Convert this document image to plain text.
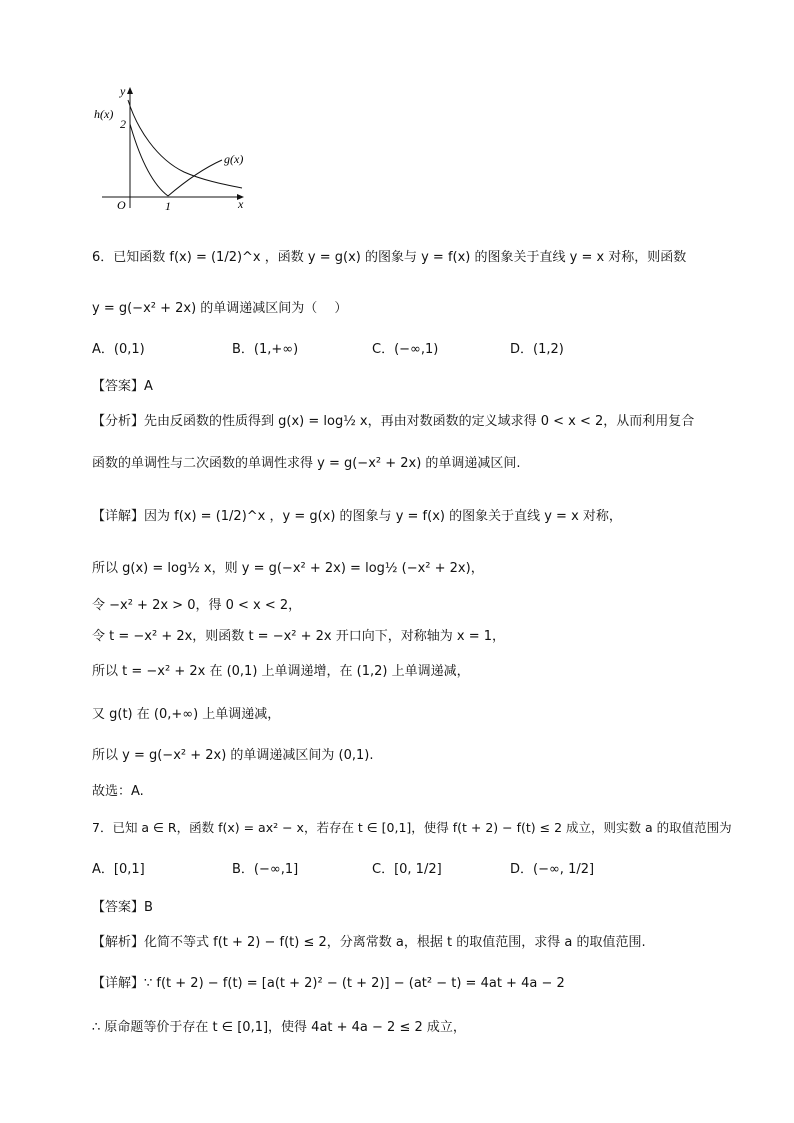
y
h(x)
2
g(x)
O	1	x
6．已知函数 f(x) = (1/2)^x ，函数 y = g(x) 的图象与 y = f(x) 的图象关于直线 y = x 对称，则函数
y = g(−x² + 2x) 的单调递减区间为（　 ）
A．(0,1)	B．(1,+∞)	C．(−∞,1)	D．(1,2)
【答案】A
【分析】先由反函数的性质得到 g(x) = log½ x，再由对数函数的定义域求得 0 < x < 2，从而利用复合
函数的单调性与二次函数的单调性求得 y = g(−x² + 2x) 的单调递减区间.
【详解】因为 f(x) = (1/2)^x ，y = g(x) 的图象与 y = f(x) 的图象关于直线 y = x 对称，
所以 g(x) = log½ x，则 y = g(−x² + 2x) = log½ (−x² + 2x)，
令 −x² + 2x > 0，得 0 < x < 2，
令 t = −x² + 2x，则函数 t = −x² + 2x 开口向下，对称轴为 x = 1，
所以 t = −x² + 2x 在 (0,1) 上单调递增，在 (1,2) 上单调递减，
又 g(t) 在 (0,+∞) 上单调递减，
所以 y = g(−x² + 2x) 的单调递减区间为 (0,1).
故选：A.
7．已知 a ∈ R，函数 f(x) = ax² − x，若存在 t ∈ [0,1]，使得 f(t + 2) − f(t) ≤ 2 成立，则实数 a 的取值范围为
A．[0,1]	B．(−∞,1]	C．[0, 1/2]	D．(−∞, 1/2]
【答案】B
【解析】化简不等式 f(t + 2) − f(t) ≤ 2，分离常数 a，根据 t 的取值范围，求得 a 的取值范围.
【详解】∵ f(t + 2) − f(t) = [a(t + 2)² − (t + 2)] − (at² − t) = 4at + 4a − 2
∴ 原命题等价于存在 t ∈ [0,1]，使得 4at + 4a − 2 ≤ 2 成立，
